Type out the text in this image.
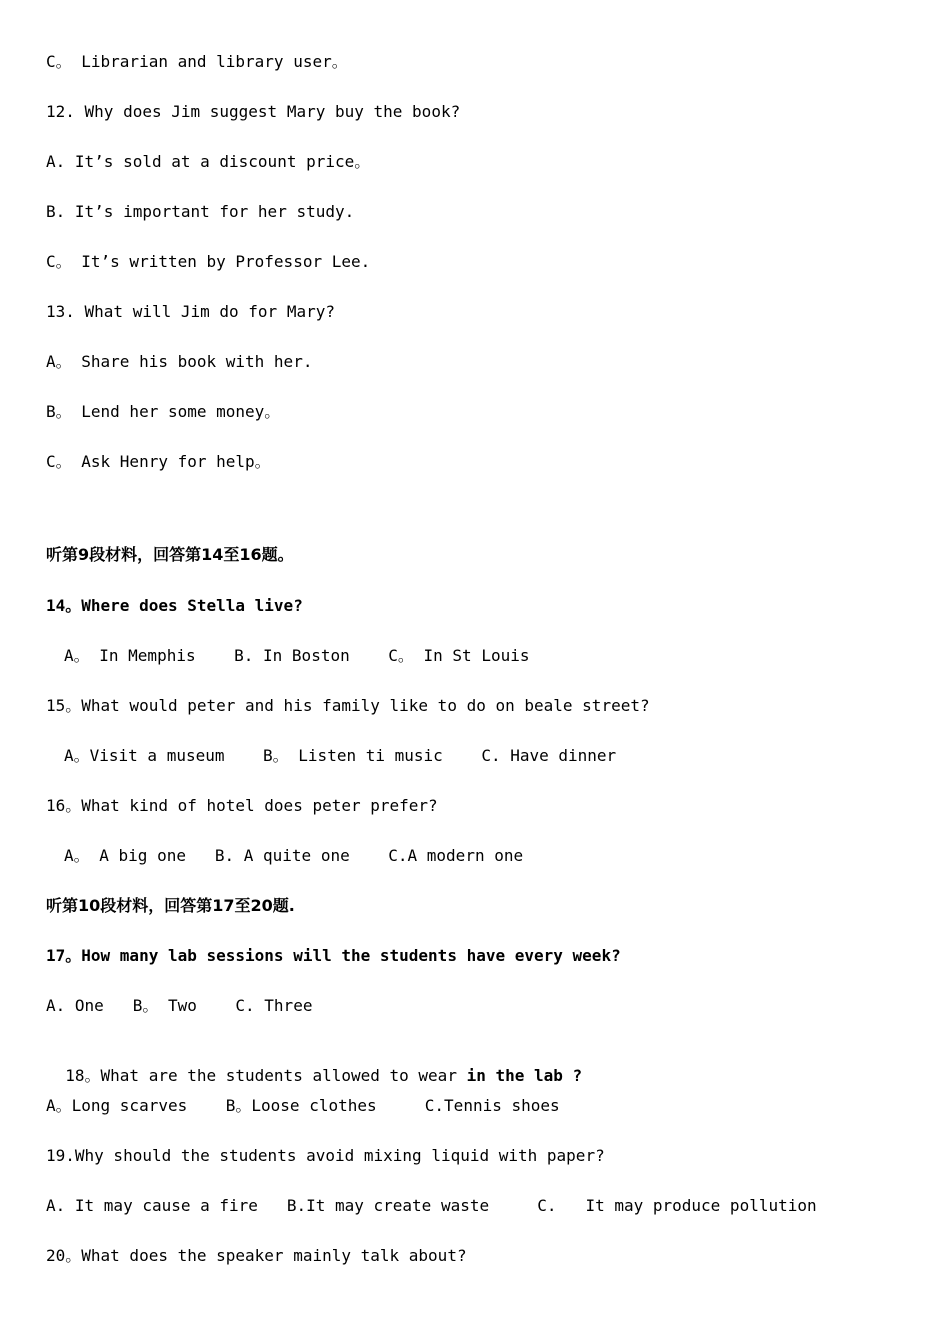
C。 Librarian and library user。
12. Why does Jim suggest Mary buy the book?
A. It’s sold at a discount price。
B. It’s important for her study.
C。 It’s written by Professor Lee.
13. What will Jim do for Mary?
A。 Share his book with her.
B。 Lend her some money。
C。 Ask Henry for help。
听第9段材料，回答第14至16题。
14。Where does Stella live?
A。 In Memphis    B. In Boston    C。 In St Louis
15。What would peter and his family like to do on beale street?
A。Visit a museum    B。 Listen ti music    C. Have dinner
16。What kind of hotel does peter prefer?
A。 A big one   B. A quite one    C.A modern one
听第10段材料，回答第17至20题.
17。How many lab sessions will the students have every week?
A. One   B。 Two    C. Three

18。What are the students allowed to wear in the lab ?

A。Long scarves    B。Loose clothes     C.Tennis shoes
19.Why should the students avoid mixing liquid with paper?
A. It may cause a fire   B.It may create waste     C.   It may produce pollution
20。What does the speaker mainly talk about?
